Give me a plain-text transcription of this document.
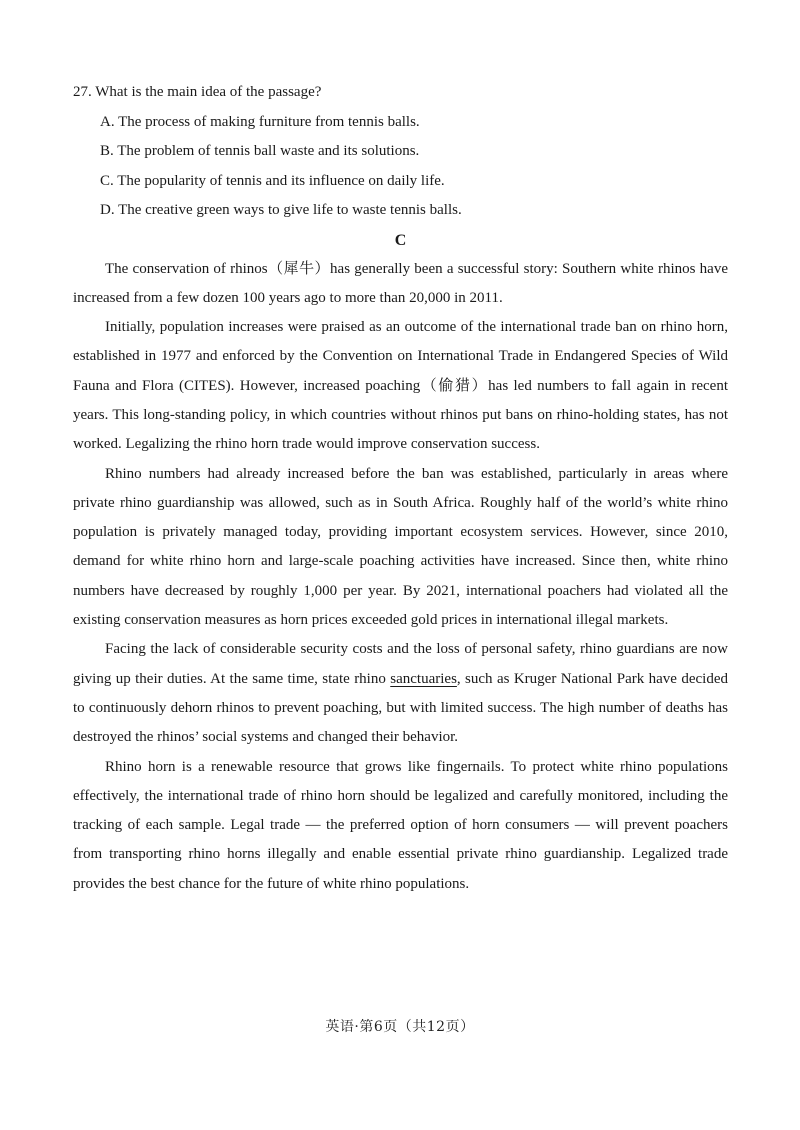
27. What is the main idea of the passage?

A. The process of making furniture from tennis balls.

B. The problem of tennis ball waste and its solutions.

C. The popularity of tennis and its influence on daily life.

D. The creative green ways to give life to waste tennis balls.

C

The conservation of rhinos（犀牛）has generally been a successful story: Southern white rhinos have increased from a few dozen 100 years ago to more than 20,000 in 2011.

Initially, population increases were praised as an outcome of the international trade ban on rhino horn, established in 1977 and enforced by the Convention on International Trade in Endangered Species of Wild Fauna and Flora (CITES). However, increased poaching（偷猎）has led numbers to fall again in recent years. This long-standing policy, in which countries without rhinos put bans on rhino-holding states, has not worked. Legalizing the rhino horn trade would improve conservation success.

Rhino numbers had already increased before the ban was established, particularly in areas where private rhino guardianship was allowed, such as in South Africa. Roughly half of the world’s white rhino population is privately managed today, providing important ecosystem services. However, since 2010, demand for white rhino horn and large-scale poaching activities have increased. Since then, white rhino numbers have decreased by roughly 1,000 per year. By 2021, international poachers had violated all the existing conservation measures as horn prices exceeded gold prices in international illegal markets.

Facing the lack of considerable security costs and the loss of personal safety, rhino guardians are now giving up their duties. At the same time, state rhino sanctuaries, such as Kruger National Park have decided to continuously dehorn rhinos to prevent poaching, but with limited success. The high number of deaths has destroyed the rhinos’ social systems and changed their behavior.

Rhino horn is a renewable resource that grows like fingernails. To protect white rhino populations effectively, the international trade of rhino horn should be legalized and carefully monitored, including the tracking of each sample. Legal trade — the preferred option of horn consumers — will prevent poachers from transporting rhino horns illegally and enable essential private rhino guardianship. Legalized trade provides the best chance for the future of white rhino populations.

英语·第6页（共12页）
